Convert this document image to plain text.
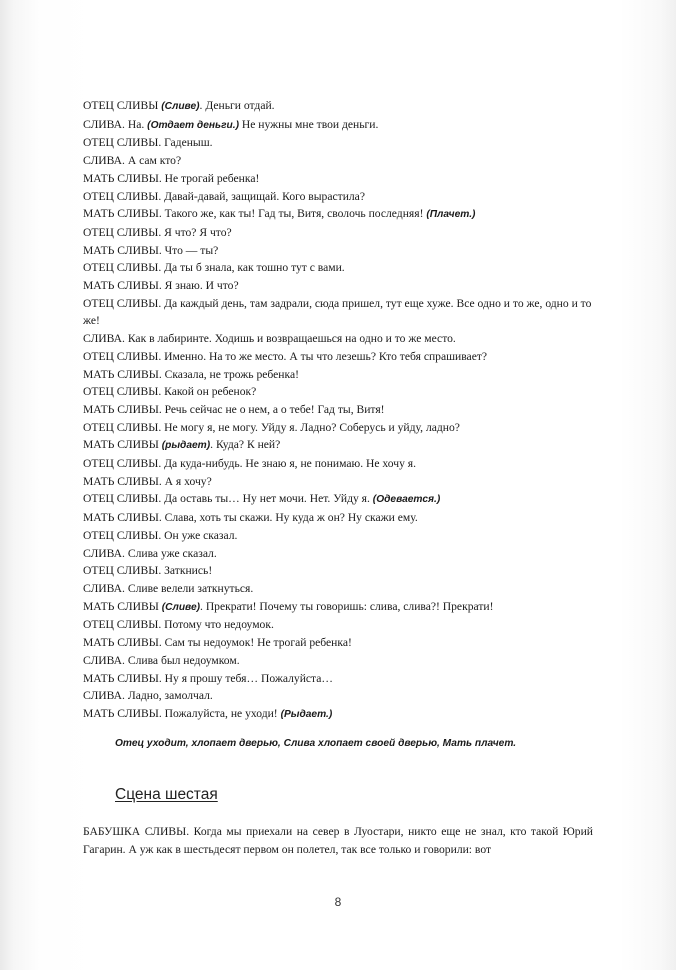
ОТЕЦ СЛИВЫ (Сливе). Деньги отдай.
СЛИВА. На. (Отдает деньги.) Не нужны мне твои деньги.
ОТЕЦ СЛИВЫ. Гаденыш.
СЛИВА. А сам кто?
МАТЬ СЛИВЫ. Не трогай ребенка!
ОТЕЦ СЛИВЫ. Давай-давай, защищай. Кого вырастила?
МАТЬ СЛИВЫ. Такого же, как ты! Гад ты, Витя, сволочь последняя! (Плачет.)
ОТЕЦ СЛИВЫ. Я что? Я что?
МАТЬ СЛИВЫ. Что — ты?
ОТЕЦ СЛИВЫ. Да ты б знала, как тошно тут с вами.
МАТЬ СЛИВЫ. Я знаю. И что?
ОТЕЦ СЛИВЫ. Да каждый день, там задрали, сюда пришел, тут еще хуже. Все одно и то же, одно и то же!
СЛИВА. Как в лабиринте. Ходишь и возвращаешься на одно и то же место.
ОТЕЦ СЛИВЫ. Именно. На то же место. А ты что лезешь? Кто тебя спрашивает?
МАТЬ СЛИВЫ. Сказала, не трожь ребенка!
ОТЕЦ СЛИВЫ. Какой он ребенок?
МАТЬ СЛИВЫ. Речь сейчас не о нем, а о тебе! Гад ты, Витя!
ОТЕЦ СЛИВЫ. Не могу я, не могу. Уйду я. Ладно? Соберусь и уйду, ладно?
МАТЬ СЛИВЫ (рыдает). Куда? К ней?
ОТЕЦ СЛИВЫ. Да куда-нибудь. Не знаю я, не понимаю. Не хочу я.
МАТЬ СЛИВЫ. А я хочу?
ОТЕЦ СЛИВЫ. Да оставь ты… Ну нет мочи. Нет. Уйду я. (Одевается.)
МАТЬ СЛИВЫ. Слава, хоть ты скажи. Ну куда ж он? Ну скажи ему.
ОТЕЦ СЛИВЫ. Он уже сказал.
СЛИВА. Слива уже сказал.
ОТЕЦ СЛИВЫ. Заткнись!
СЛИВА. Сливе велели заткнуться.
МАТЬ СЛИВЫ (Сливе). Прекрати! Почему ты говоришь: слива, слива?! Прекрати!
ОТЕЦ СЛИВЫ. Потому что недоумок.
МАТЬ СЛИВЫ. Сам ты недоумок! Не трогай ребенка!
СЛИВА. Слива был недоумком.
МАТЬ СЛИВЫ. Ну я прошу тебя… Пожалуйста…
СЛИВА. Ладно, замолчал.
МАТЬ СЛИВЫ. Пожалуйста, не уходи! (Рыдает.)
Отец уходит, хлопает дверью, Слива хлопает своей дверью, Мать плачет.
Сцена шестая
БАБУШКА СЛИВЫ. Когда мы приехали на север в Луостари, никто еще не знал, кто такой Юрий Гагарин. А уж как в шестьдесят первом он полетел, так все только и говорили: вот
8
